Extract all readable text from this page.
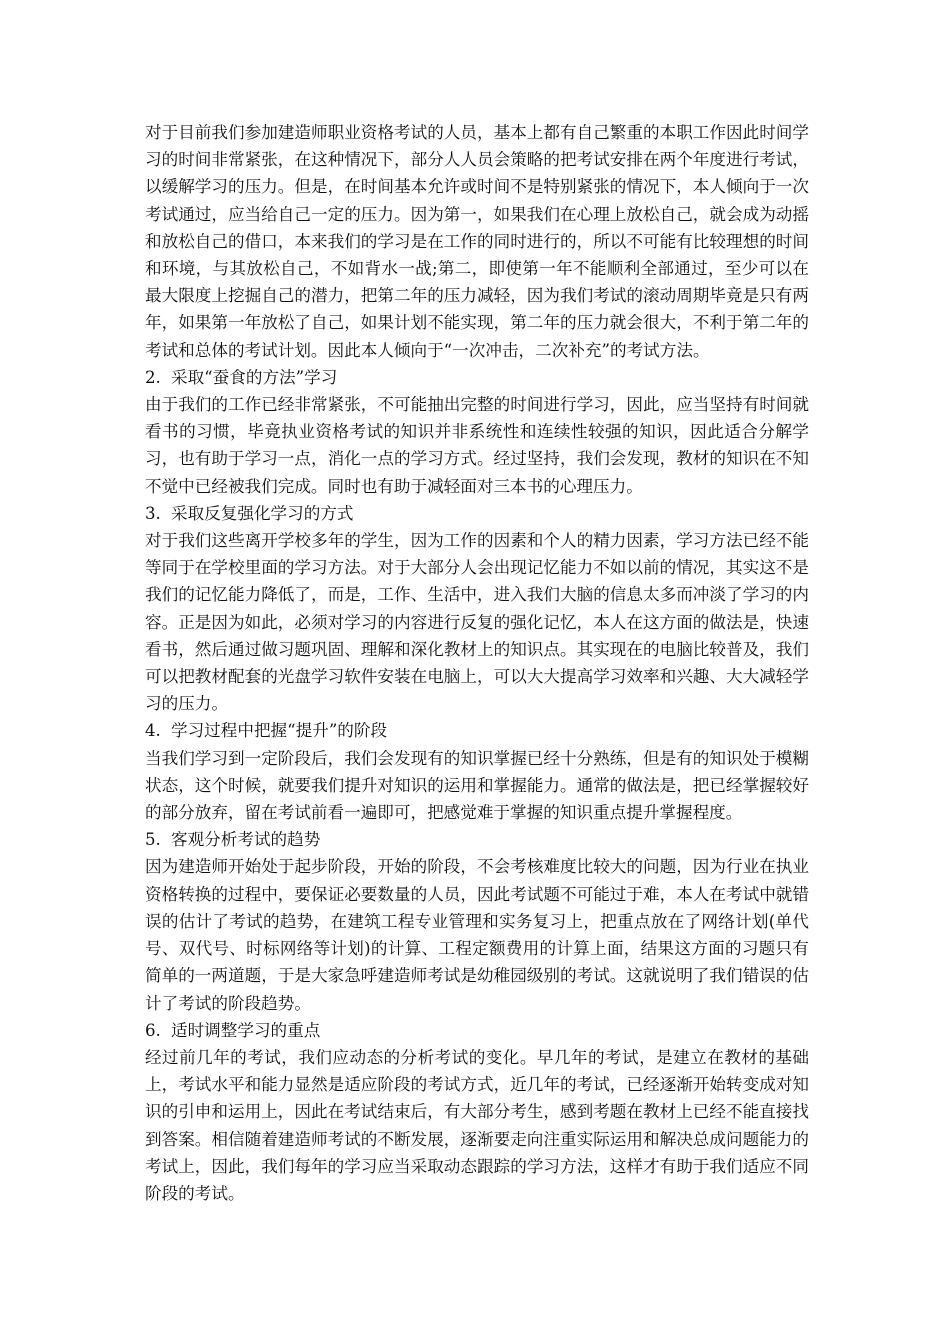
对于目前我们参加建造师职业资格考试的人员，基本上都有自己繁重的本职工作因此时间学习的时间非常紧张，在这种情况下，部分人人员会策略的把考试安排在两个年度进行考试，以缓解学习的压力。但是，在时间基本允许或时间不是特别紧张的情况下，本人倾向于一次考试通过，应当给自己一定的压力。因为第一，如果我们在心理上放松自己，就会成为动摇和放松自己的借口，本来我们的学习是在工作的同时进行的，所以不可能有比较理想的时间和环境，与其放松自己，不如背水一战;第二，即使第一年不能顺利全部通过，至少可以在最大限度上挖掘自己的潜力，把第二年的压力减轻，因为我们考试的滚动周期毕竟是只有两年，如果第一年放松了自己，如果计划不能实现，第二年的压力就会很大，不利于第二年的考试和总体的考试计划。因此本人倾向于“一次冲击，二次补充”的考试方法。

2. 采取“蚕食的方法”学习

由于我们的工作已经非常紧张，不可能抽出完整的时间进行学习，因此，应当坚持有时间就看书的习惯，毕竟执业资格考试的知识并非系统性和连续性较强的知识，因此适合分解学习，也有助于学习一点，消化一点的学习方式。经过坚持，我们会发现，教材的知识在不知不觉中已经被我们完成。同时也有助于减轻面对三本书的心理压力。

3. 采取反复强化学习的方式

对于我们这些离开学校多年的学生，因为工作的因素和个人的精力因素，学习方法已经不能等同于在学校里面的学习方法。对于大部分人会出现记忆能力不如以前的情况，其实这不是我们的记忆能力降低了，而是，工作、生活中，进入我们大脑的信息太多而冲淡了学习的内容。正是因为如此，必须对学习的内容进行反复的强化记忆，本人在这方面的做法是，快速看书，然后通过做习题巩固、理解和深化教材上的知识点。其实现在的电脑比较普及，我们可以把教材配套的光盘学习软件安装在电脑上，可以大大提高学习效率和兴趣、大大减轻学习的压力。

4. 学习过程中把握“提升”的阶段

当我们学习到一定阶段后，我们会发现有的知识掌握已经十分熟练，但是有的知识处于模糊状态，这个时候，就要我们提升对知识的运用和掌握能力。通常的做法是，把已经掌握较好的部分放弃，留在考试前看一遍即可，把感觉难于掌握的知识重点提升掌握程度。

5. 客观分析考试的趋势

因为建造师开始处于起步阶段，开始的阶段，不会考核难度比较大的问题，因为行业在执业资格转换的过程中，要保证必要数量的人员，因此考试题不可能过于难，本人在考试中就错误的估计了考试的趋势，在建筑工程专业管理和实务复习上，把重点放在了网络计划(单代号、双代号、时标网络等计划)的计算、工程定额费用的计算上面，结果这方面的习题只有简单的一两道题，于是大家急呼建造师考试是幼稚园级别的考试。这就说明了我们错误的估计了考试的阶段趋势。

6. 适时调整学习的重点

经过前几年的考试，我们应动态的分析考试的变化。早几年的考试，是建立在教材的基础上，考试水平和能力显然是适应阶段的考试方式，近几年的考试，已经逐渐开始转变成对知识的引申和运用上，因此在考试结束后，有大部分考生，感到考题在教材上已经不能直接找到答案。相信随着建造师考试的不断发展，逐渐要走向注重实际运用和解决总成问题能力的考试上，因此，我们每年的学习应当采取动态跟踪的学习方法，这样才有助于我们适应不同阶段的考试。
